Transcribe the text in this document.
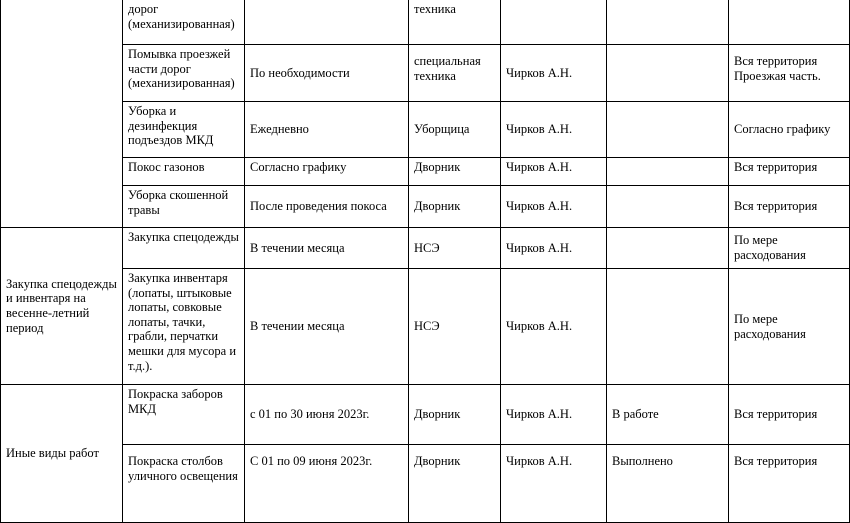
	дорог (механизированная)		техника			

	Помывка проезжей части дорог (механизированная)	По необходимости	специальная техника	Чирков А.Н.		Вся территория Проезжая часть.

	Уборка и дезинфекция подъездов МКД	Ежедневно	Уборщица	Чирков А.Н.		Согласно графику

	Покос газонов	Согласно графику	Дворник	Чирков А.Н.		Вся территория

	Уборка скошенной травы	После проведения покоса	Дворник	Чирков А.Н.		Вся территория

Закупка спецодежды и инвентаря на весенне-летний период	Закупка спецодежды	В течении месяца	НСЭ	Чирков А.Н.		По мере расходования

	Закупка инвентаря (лопаты, штыковые лопаты, совковые лопаты, тачки, грабли, перчатки мешки для мусора и т.д.).	В течении месяца	НСЭ	Чирков А.Н.		По мере расходования

Иные виды работ	Покраска заборов МКД	с 01 по 30 июня 2023г.	Дворник	Чирков А.Н.	В работе	Вся территория

	Покраска столбов уличного освещения	С 01 по 09 июня 2023г.	Дворник	Чирков А.Н.	Выполнено	Вся территория
